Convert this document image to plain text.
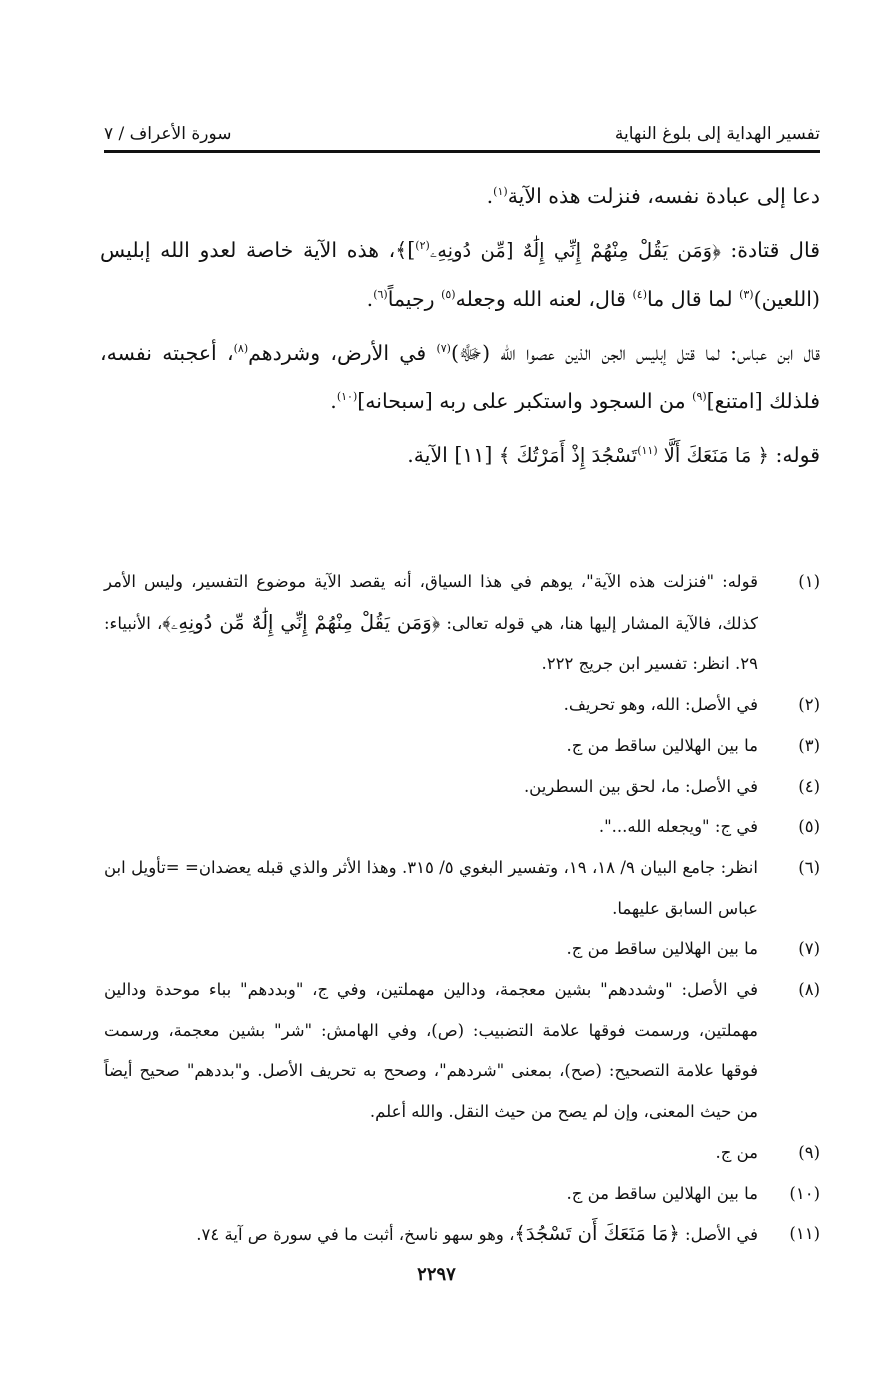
تفسير الهداية إلى بلوغ النهاية
سورة الأعراف / ٧

دعا إلى عبادة نفسه، فنزلت هذه الآية$^{(١)}$.

قال قتادة: ﴿وَمَن يَقُلْ مِنْهُمْ إِنِّي إِلَٰهٌ [مِّن دُونِهِۦ$^{(٢)}$]﴾، هذه الآية خاصة لعدو الله إبليس (اللعين)$^{(٣)}$ لما قال ما$^{(٤)}$ قال، لعنه الله وجعله$^{(٥)}$ رجيماً$^{(٦)}$.

قال ابن عباس: لما قتل إبليس الجن الذين عصوا الله (ﷻ)$^{(٧)}$ في الأرض، وشردهم$^{(٨)}$، أعجبته نفسه، فلذلك [امتنع]$^{(٩)}$ من السجود واستكبر على ربه [سبحانه]$^{(١٠)}$.

قوله: ﴿ مَا مَنَعَكَ أَلَّا $^{(١١)}$تَسْجُدَ إِذْ أَمَرْتُكَ ﴾ [١١] الآية.

(١)
قوله: "فنزلت هذه الآية"، يوهم في هذا السياق، أنه يقصد الآية موضوع التفسير، وليس الأمر كذلك، فالآية المشار إليها هنا، هي قوله تعالى: ﴿وَمَن يَقُلْ مِنْهُمْ إِنِّي إِلَٰهٌ مِّن دُونِهِۦ﴾، الأنبياء: ٢٩. انظر: تفسير ابن جريج ٢٢٢.
(٢)
في الأصل: الله، وهو تحريف.
(٣)
ما بين الهلالين ساقط من ج.
(٤)
في الأصل: ما، لحق بين السطرين.
(٥)
في ج: "ويجعله الله...".
(٦)
انظر: جامع البيان ٩/ ١٨، ١٩، وتفسير البغوي ٥/ ٣١٥. وهذا الأثر والذي قبله يعضدان= =تأويل ابن عباس السابق عليهما.
(٧)
ما بين الهلالين ساقط من ج.
(٨)
في الأصل: "وشددهم" بشين معجمة، ودالين مهملتين، وفي ج، "وبددهم" بباء موحدة ودالين مهملتين، ورسمت فوقها علامة التضبيب: (ص)، وفي الهامش: "شر" بشين معجمة، ورسمت فوقها علامة التصحيح: (صح)، بمعنى "شردهم"، وصحح به تحريف الأصل. و"بددهم" صحيح أيضاً من حيث المعنى، وإن لم يصح من حيث النقل. والله أعلم.
(٩)
من ج.
(١٠)
ما بين الهلالين ساقط من ج.
(١١)
في الأصل: ﴿مَا مَنَعَكَ أَن تَسْجُدَ﴾، وهو سهو ناسخ، أثبت ما في سورة ص آية ٧٤.
٢٢٩٧
